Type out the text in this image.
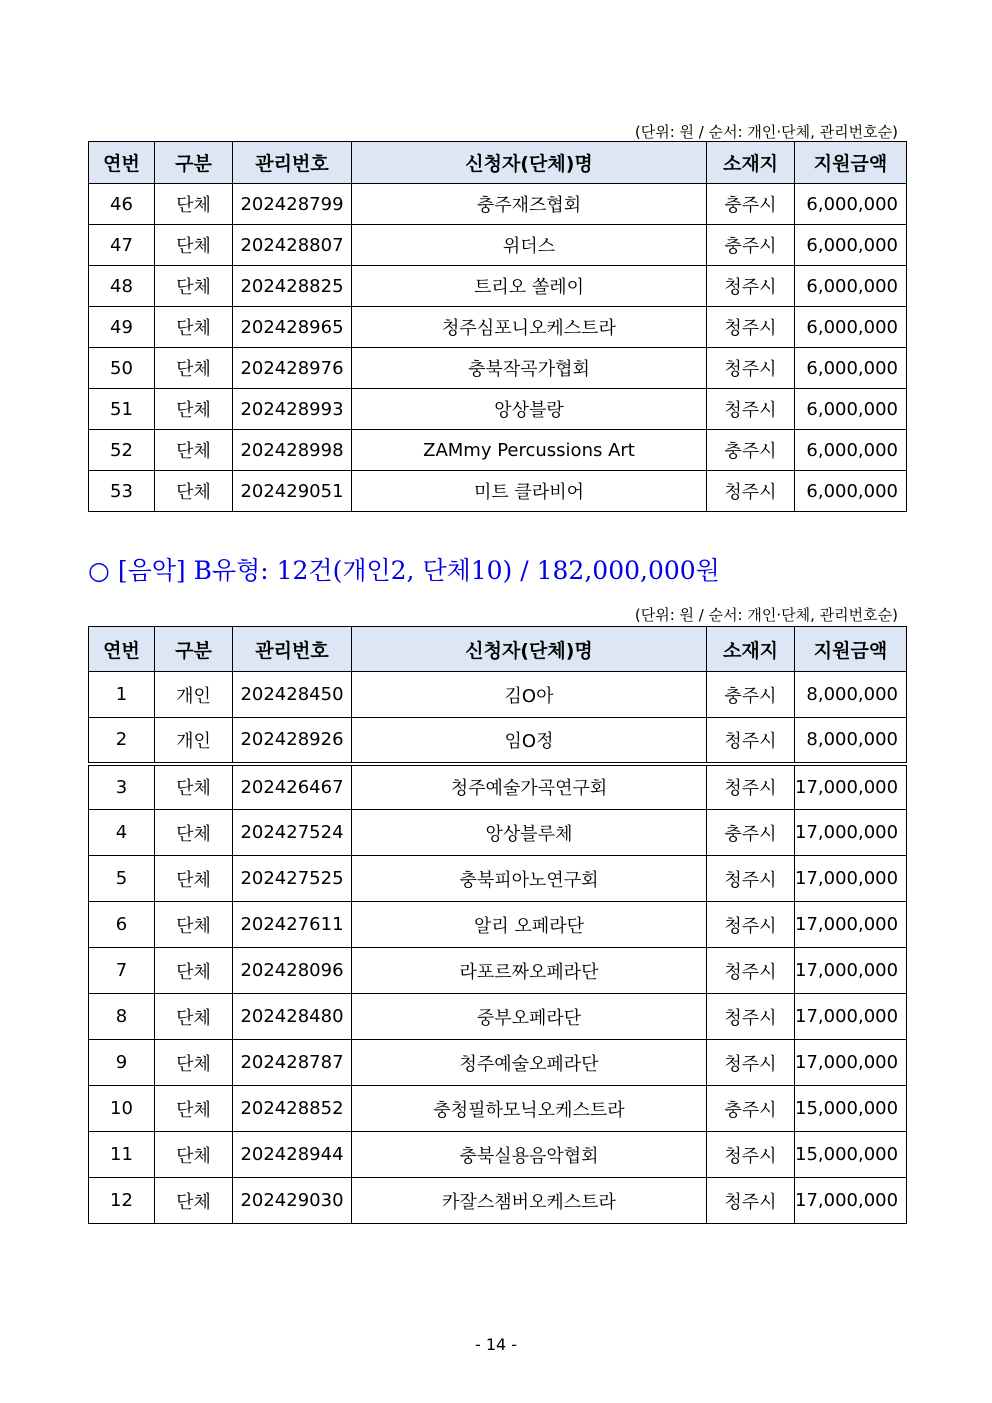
(단위: 원 / 순서: 개인·단체, 관리번호순)
연번	구분	관리번호	신청자(단체)명	소재지	지원금액
46	단체	202428799	충주재즈협회	충주시	6,000,000
47	단체	202428807	위더스	충주시	6,000,000
48	단체	202428825	트리오 쏠레이	청주시	6,000,000
49	단체	202428965	청주심포니오케스트라	청주시	6,000,000
50	단체	202428976	충북작곡가협회	청주시	6,000,000
51	단체	202428993	앙상블랑	청주시	6,000,000
52	단체	202428998	ZAMmy Percussions Art	충주시	6,000,000
53	단체	202429051	미트 클라비어	청주시	6,000,000
○ [음악] B유형: 12건(개인2, 단체10) / 182,000,000원
(단위: 원 / 순서: 개인·단체, 관리번호순)
연번	구분	관리번호	신청자(단체)명	소재지	지원금액
1	개인	202428450	김O아	충주시	8,000,000
2	개인	202428926	임O정	청주시	8,000,000
3	단체	202426467	청주예술가곡연구회	청주시	17,000,000
4	단체	202427524	앙상블루체	충주시	17,000,000
5	단체	202427525	충북피아노연구회	청주시	17,000,000
6	단체	202427611	알리 오페라단	청주시	17,000,000
7	단체	202428096	라포르짜오페라단	청주시	17,000,000
8	단체	202428480	중부오페라단	청주시	17,000,000
9	단체	202428787	청주예술오페라단	청주시	17,000,000
10	단체	202428852	충청필하모닉오케스트라	충주시	15,000,000
11	단체	202428944	충북실용음악협회	청주시	15,000,000
12	단체	202429030	카잘스챔버오케스트라	청주시	17,000,000
- 14 -
